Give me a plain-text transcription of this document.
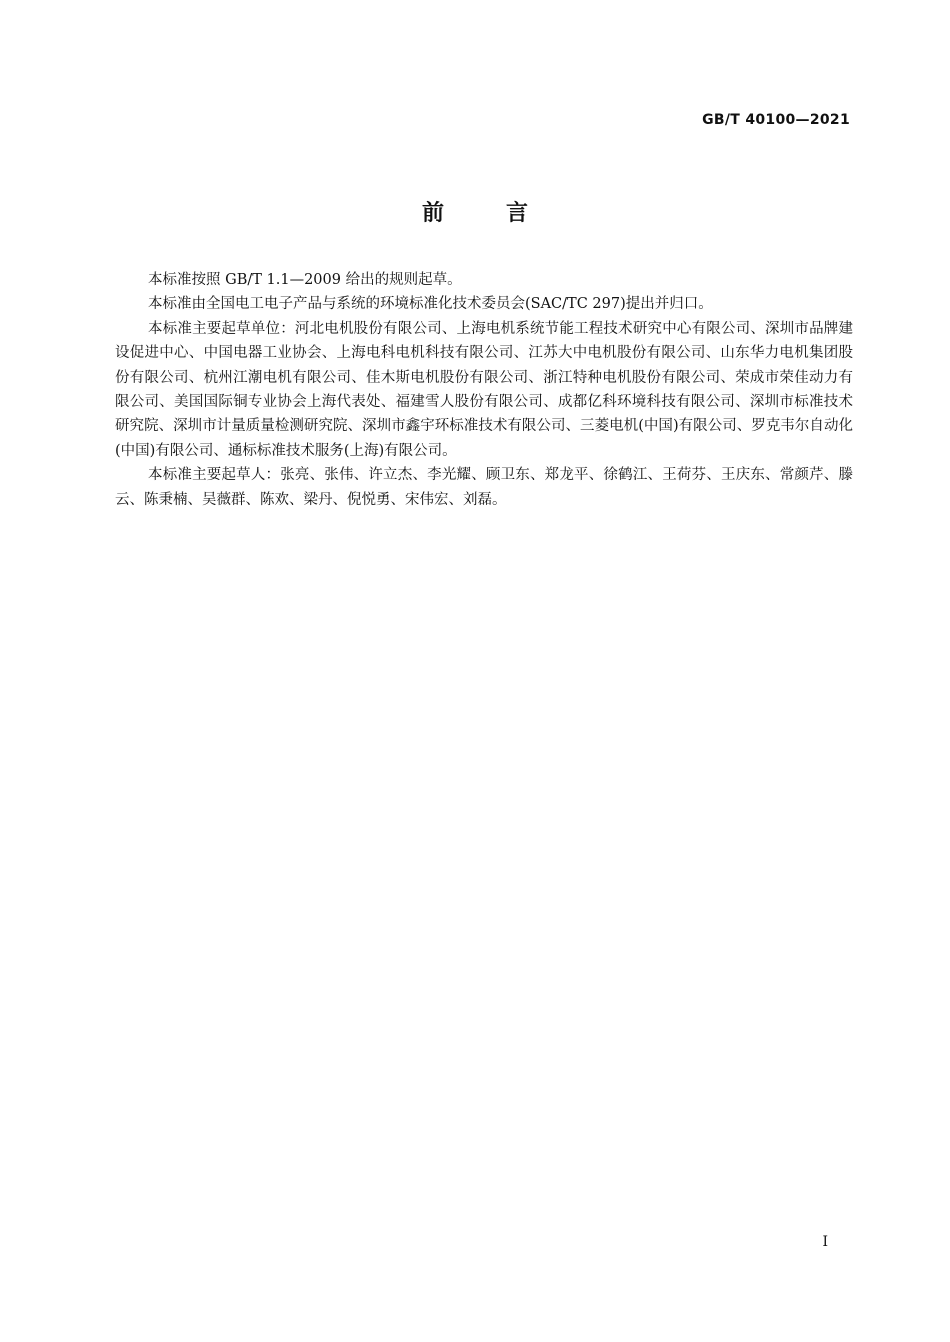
GB/T 40100—2021
前言

本标准按照 GB/T 1.1—2009 给出的规则起草。

本标准由全国电工电子产品与系统的环境标准化技术委员会(SAC/TC 297)提出并归口。

本标准主要起草单位：河北电机股份有限公司、上海电机系统节能工程技术研究中心有限公司、深圳市品牌建设促进中心、中国电器工业协会、上海电科电机科技有限公司、江苏大中电机股份有限公司、山东华力电机集团股份有限公司、杭州江潮电机有限公司、佳木斯电机股份有限公司、浙江特种电机股份有限公司、荣成市荣佳动力有限公司、美国国际铜专业协会上海代表处、福建雪人股份有限公司、成都亿科环境科技有限公司、深圳市标准技术研究院、深圳市计量质量检测研究院、深圳市鑫宇环标准技术有限公司、三菱电机(中国)有限公司、罗克韦尔自动化(中国)有限公司、通标标准技术服务(上海)有限公司。

本标准主要起草人：张亮、张伟、许立杰、李光耀、顾卫东、郑龙平、徐鹤江、王荷芬、王庆东、常颜芹、滕云、陈秉楠、吴薇群、陈欢、梁丹、倪悦勇、宋伟宏、刘磊。

I
